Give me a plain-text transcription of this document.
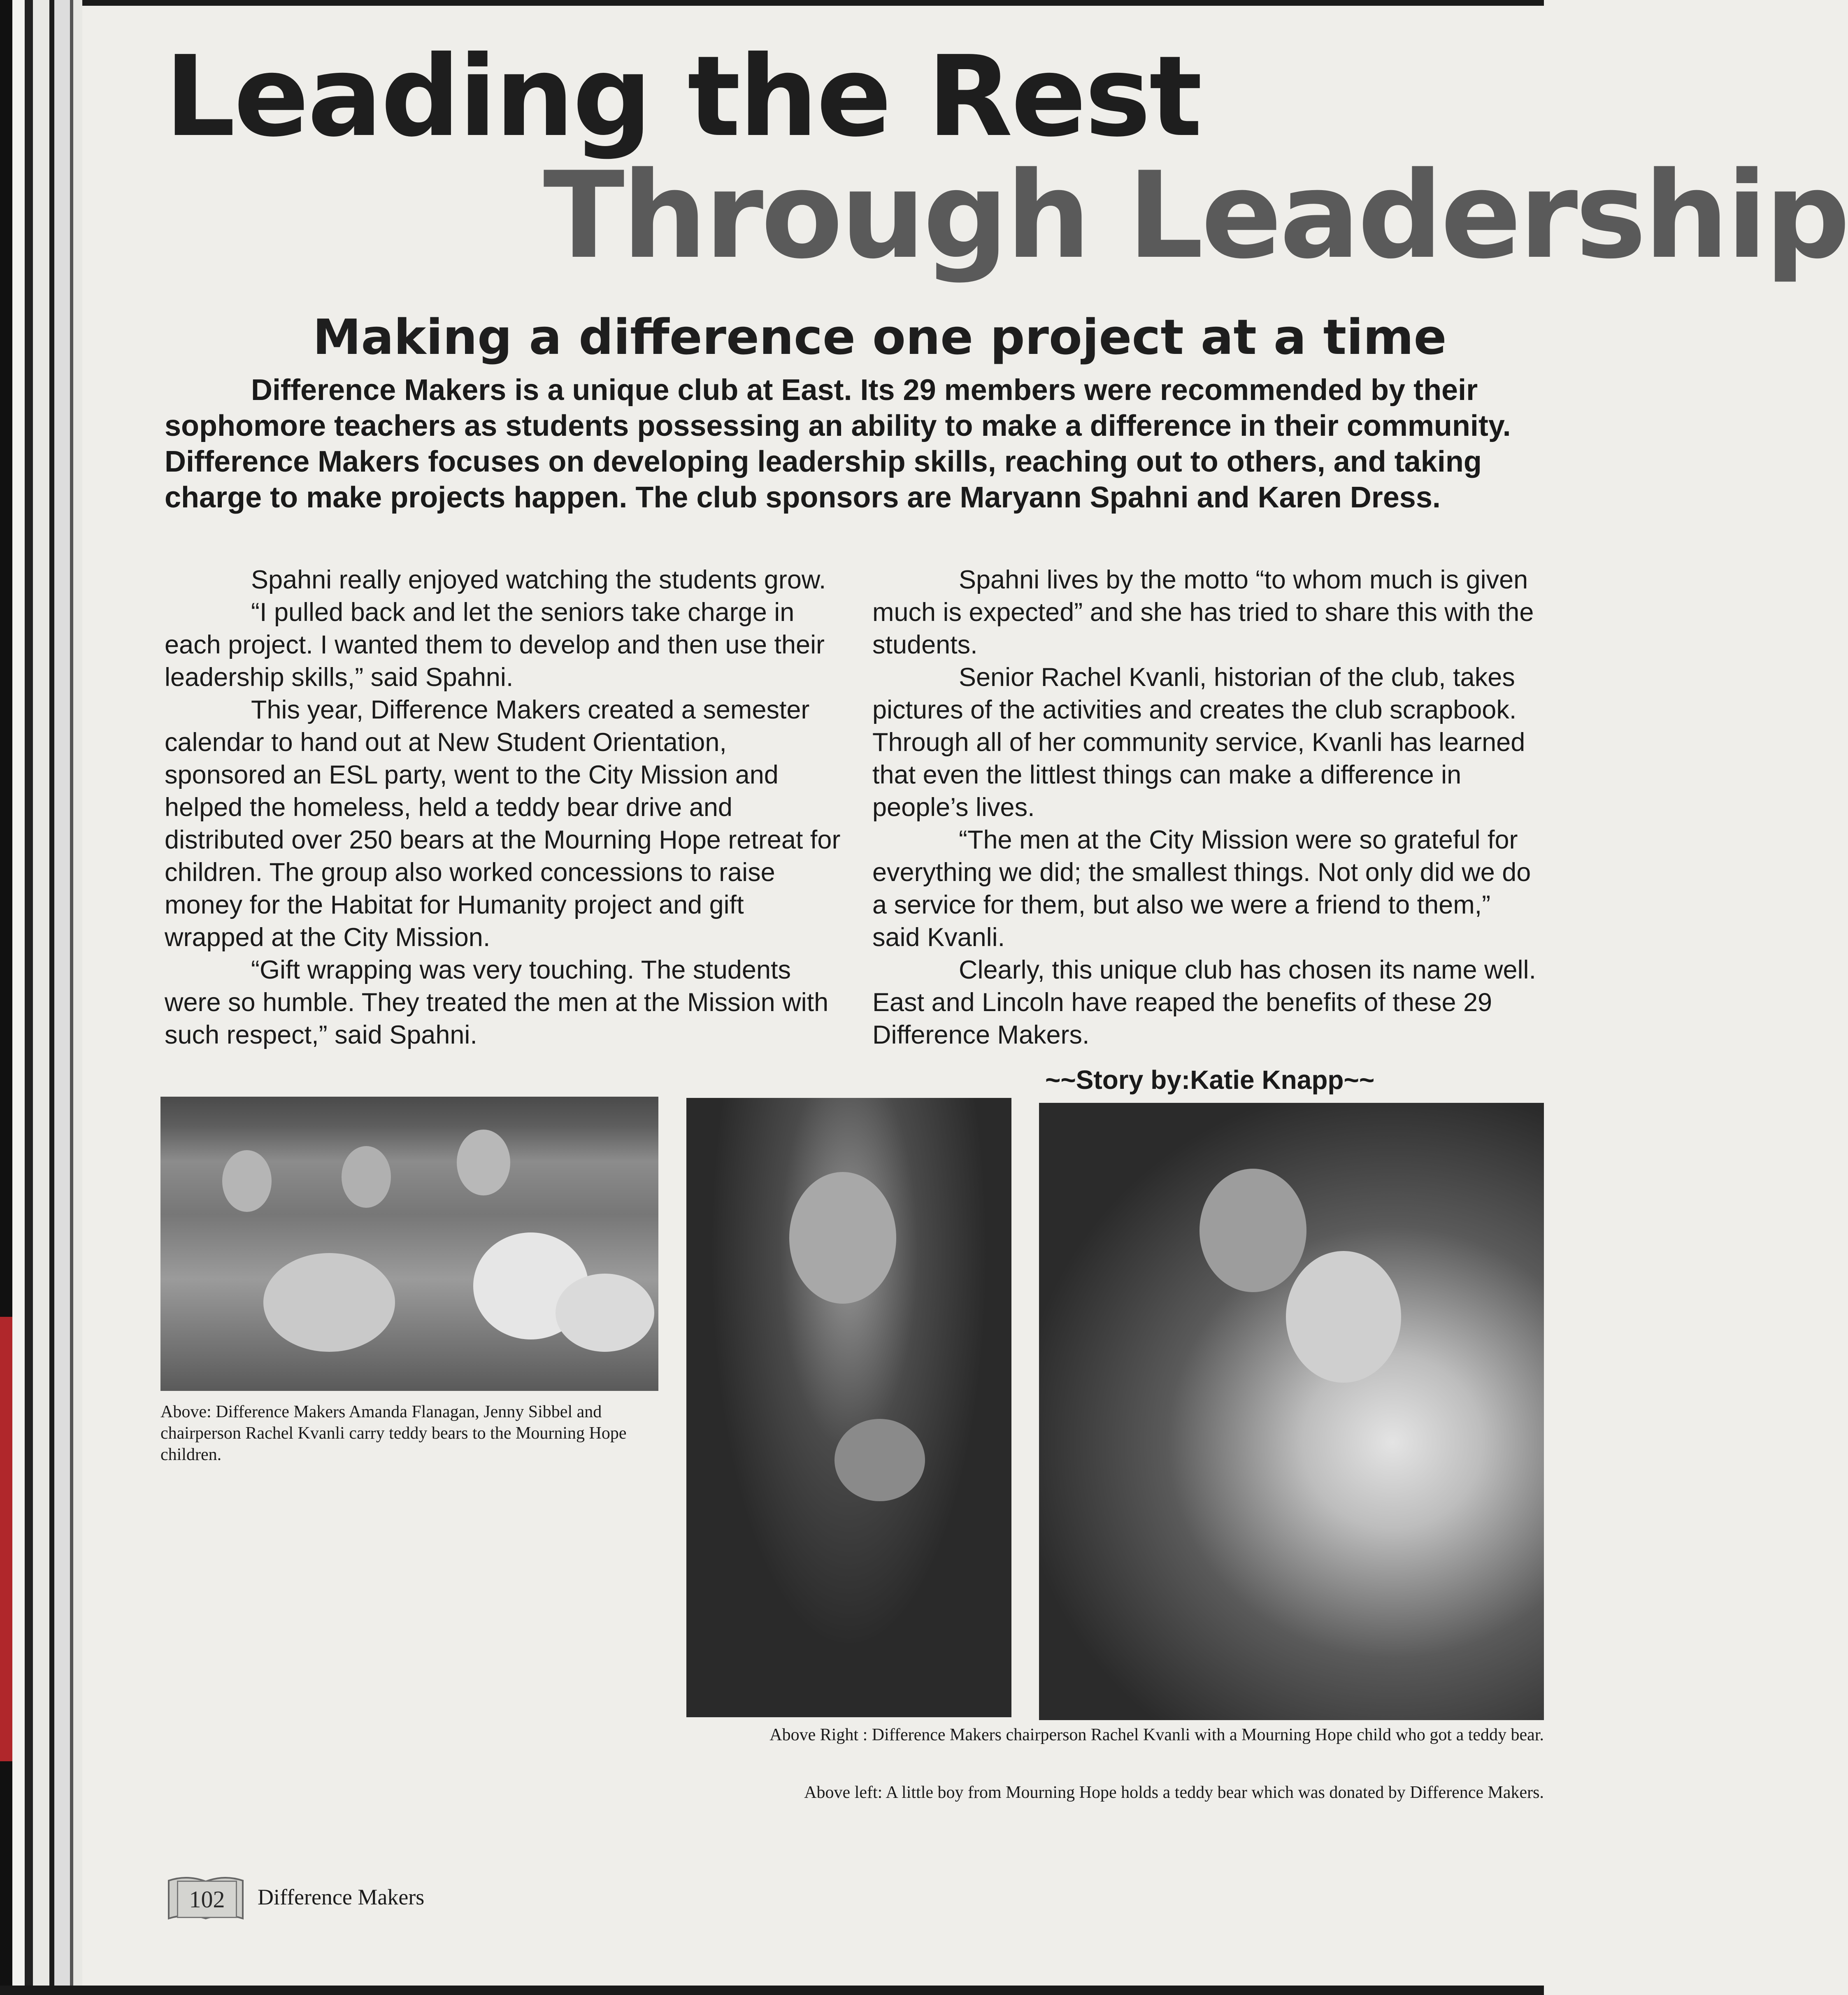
Leading the Rest
Through Leadership
Making a difference one project at a time

Difference Makers is a unique club at East. Its 29 members were recommended by their sophomore teachers as students possessing an ability to make a difference in their community. Difference Makers focuses on developing leadership skills, reaching out to others, and taking charge to make projects happen. The club sponsors are Maryann Spahni and Karen Dress.

Spahni really enjoyed watching the students grow.

“I pulled back and let the seniors take charge in each project. I wanted them to develop and then use their leadership skills,” said Spahni.

This year, Difference Makers created a semester calendar to hand out at New Student Orientation, sponsored an ESL party, went to the City Mission and helped the homeless, held a teddy bear drive and distributed over 250 bears at the Mourning Hope retreat for children. The group also worked concessions to raise money for the Habitat for Humanity project and gift wrapped at the City Mission.

“Gift wrapping was very touching. The students were so humble. They treated the men at the Mission with such respect,” said Spahni.

Spahni lives by the motto “to whom much is given much is expected” and she has tried to share this with the students.

Senior Rachel Kvanli, historian of the club, takes pictures of the activities and creates the club scrapbook. Through all of her community service, Kvanli has learned that even the littlest things can make a difference in people’s lives.

“The men at the City Mission were so grateful for everything we did; the smallest things. Not only did we do a service for them, but also we were a friend to them,” said Kvanli.

Clearly, this unique club has chosen its name well. East and Lincoln have reaped the benefits of these 29 Difference Makers.

~~Story by:Katie Knapp~~

Above: Difference Makers Amanda Flanagan, Jenny Sibbel and chairperson Rachel Kvanli carry teddy bears to the Mourning Hope children.

Above Right : Difference Makers chairperson Rachel Kvanli with a Mourning Hope child who got a teddy bear.

Above left: A little boy from Mourning Hope holds a teddy bear which was donated by Difference Makers.

102	Difference Makers
